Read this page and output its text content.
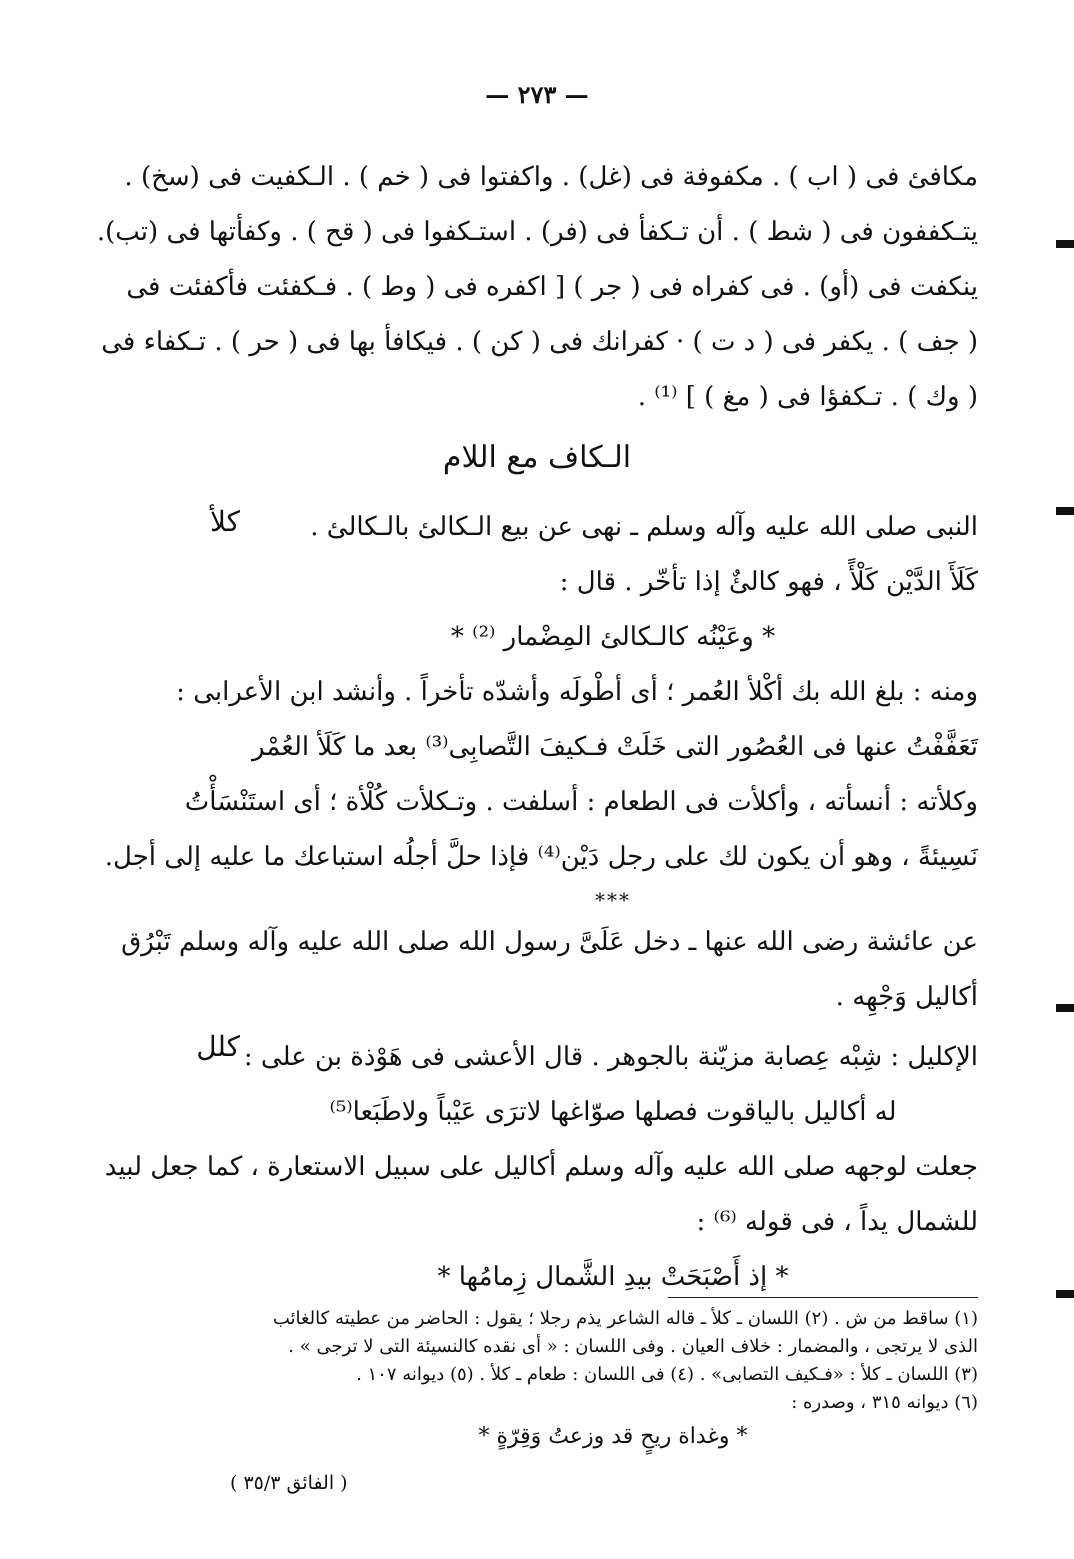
— ٢٧٣ —
مكافئ فى ( اب ) . مكفوفة فى (غل) . واكفتوا فى ( خم ) . الـكفيت فى (سخ) .
يتـكففون فى ( شط ) . أن تـكفأ فى (فر) . استـكفوا فى ( قح ) . وكفأتها فى (تب).
ينكفت فى (أو) . فى كفراه فى ( جر ) [ اكفره فى ( وط ) . فـكفئت فأكفئت فى
( جف ) . يكفر فى ( د ت ) · كفرانك فى ( كن ) . فيكافأ بها فى ( حر ) . تـكفاء فى
( وك ) . تـكفؤا فى ( مغ ) ] ⁽¹⁾ .
الـكاف مع اللام
كلأ	النبى صلى الله عليه وآله وسلم ـ نهى عن بيع الـكالئ بالـكالئ .
كَلَأَ الدَّيْن كَلْأً ، فهو كالئٌ إذا تأخّر . قال :
* وعَيْنُه كالـكالئ المِضْمار ⁽²⁾ *
ومنه : بلغ الله بك أكْلأ العُمر ؛ أى أطْولَه وأشدّه تأخراً . وأنشد ابن الأعرابى :
تَعَفَّفْتُ عنها فى العُصُور التى خَلَتْ فـكيفَ التَّصابِى⁽³⁾ بعد ما كَلَأ العُمْر
وكلأته : أنسأته ، وأكلأت فى الطعام : أسلفت . وتـكلأت كُلْأة ؛ أى استَنْسَأْتُ
نَسِيئةً ، وهو أن يكون لك على رجل دَيْن⁽⁴⁾ فإذا حلَّ أجلُه استباعك ما عليه إلى أجل.
***
عن عائشة رضى الله عنها ـ دخل عَلَىَّ رسول الله صلى الله عليه وآله وسلم تَبْرُق
أكاليل وَجْهِه .
كلل الإكليل : شِبْه عِصابة مزيّنة بالجوهر . قال الأعشى فى هَوْذة بن على :
له أكاليل بالياقوت فصلها صوّاغها لاترَى عَيْباً ولاطَبَعا⁽⁵⁾
جعلت لوجهه صلى الله عليه وآله وسلم أكاليل على سبيل الاستعارة ، كما جعل لبيد
للشمال يداً ، فى قوله ⁽⁶⁾ :
* إذ أَصْبَحَتْ بيدِ الشَّمال زِمامُها *
(١) ساقط من ش . (٢) اللسان ـ كلأ ـ قاله الشاعر يذم رجلا ؛ يقول : الحاضر من عطيته كالغائب
الذى لا يرتجى ، والمضمار : خلاف العيان . وفى اللسان : « أى نقده كالنسيئة التى لا ترجى » .
(٣) اللسان ـ كلأ : «فـكيف التصابى» . (٤) فى اللسان : طعام ـ كلأ . (٥) ديوانه ١٠٧ .
(٦) ديوانه ٣١٥ ، وصدره :
* وغداة ريحٍ قد وزعتُ وَقِرّةٍ *
( الفائق ٣٥/٣ )
